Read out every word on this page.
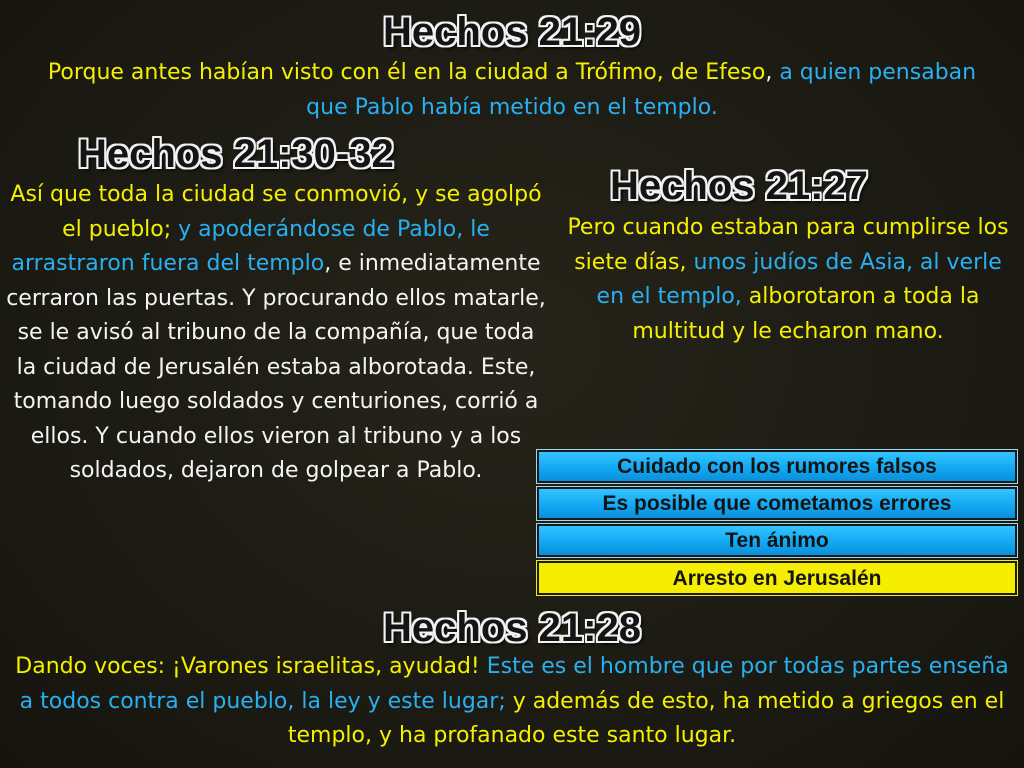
Hechos 21:29
Porque antes habían visto con él en la ciudad a Trófimo, de Efeso, a quien pensaban que Pablo había metido en el templo.
Hechos 21:30-32
Así que toda la ciudad se conmovió, y se agolpó el pueblo; y apoderándose de Pablo, le arrastraron fuera del templo, e inmediatamente cerraron las puertas. Y procurando ellos matarle, se le avisó al tribuno de la compañía, que toda la ciudad de Jerusalén estaba alborotada. Este, tomando luego soldados y centuriones, corrió a ellos. Y cuando ellos vieron al tribuno y a los soldados, dejaron de golpear a Pablo.
Hechos 21:27
Pero cuando estaban para cumplirse los siete días, unos judíos de Asia, al verle en el templo, alborotaron a toda la multitud y le echaron mano.
Cuidado con los rumores falsos
Es posible que cometamos errores
Ten ánimo
Arresto en Jerusalén
Hechos 21:28
Dando voces: ¡Varones israelitas, ayudad! Este es el hombre que por todas partes enseña a todos contra el pueblo, la ley y este lugar; y además de esto, ha metido a griegos en el templo, y ha profanado este santo lugar.
